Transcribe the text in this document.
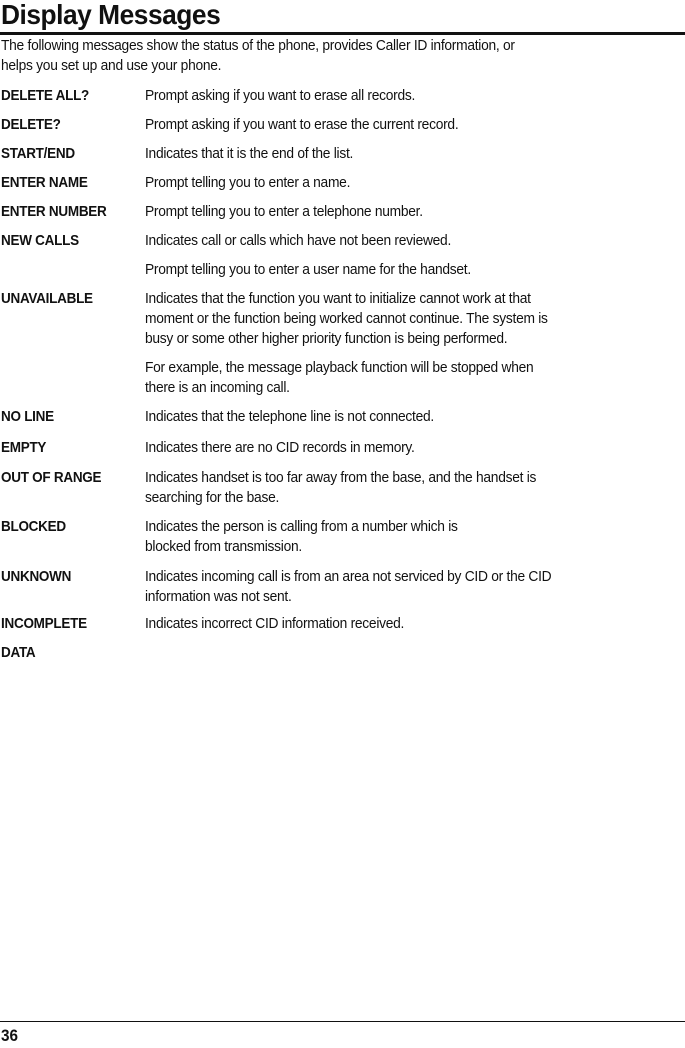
Display Messages
The following messages show the status of the phone, provides Caller ID information, or
helps you set up and use your phone.
DELETE ALL?	Prompt asking if you want to erase all records.
DELETE?	Prompt asking if you want to erase the current record.
START/END	Indicates that it is the end of the list.
ENTER NAME	Prompt telling you to enter a name.
ENTER NUMBER	Prompt telling you to enter a telephone number.
NEW CALLS	Indicates call or calls which have not been reviewed.
Prompt telling you to enter a user name for the handset.
UNAVAILABLE	Indicates that the function you want to initialize cannot work at that
moment or the function being worked cannot continue. The system is
busy or some other higher priority function is being performed.
For example, the message playback function will be stopped when
there is an incoming call.
NO LINE	Indicates that the telephone line is not connected.
EMPTY	Indicates there are no CID records in memory.
OUT OF RANGE	Indicates handset is too far away from the base, and the handset is
searching for the base.
BLOCKED	Indicates the person is calling from a number which is
blocked from transmission.
UNKNOWN	Indicates incoming call is from an area not serviced by CID or the CID
information was not sent.
INCOMPLETE	Indicates incorrect CID information received.
DATA
36
